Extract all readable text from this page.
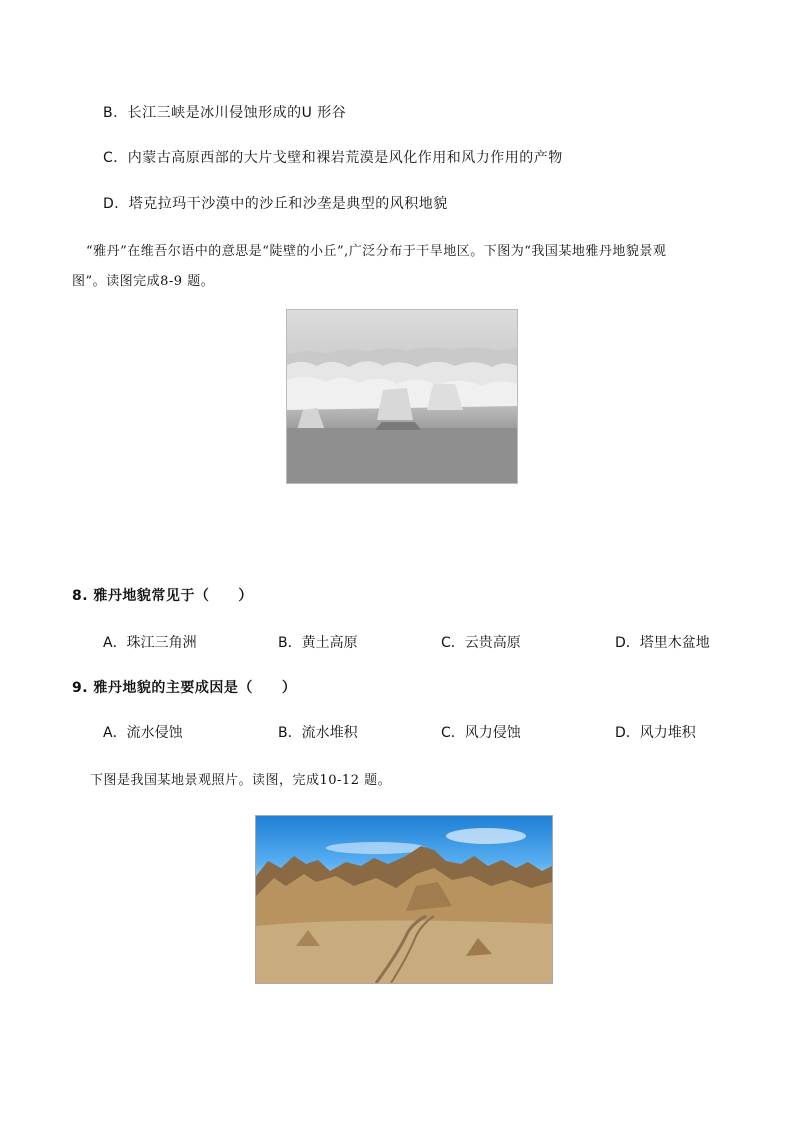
B．长江三峡是冰川侵蚀形成的U 形谷
C．内蒙古高原西部的大片戈壁和裸岩荒漠是风化作用和风力作用的产物
D．塔克拉玛干沙漠中的沙丘和沙垄是典型的风积地貌
“雅丹”在维吾尔语中的意思是“陡壁的小丘”,广泛分布于干旱地区。下图为“我国某地雅丹地貌景观
图”。读图完成8-9 题。
8. 雅丹地貌常见于（　　）
A．珠江三角洲	B．黄土高原	C．云贵高原	D．塔里木盆地
9. 雅丹地貌的主要成因是（　　）
A．流水侵蚀	B．流水堆积	C．风力侵蚀	D．风力堆积
下图是我国某地景观照片。读图，完成10-12 题。
